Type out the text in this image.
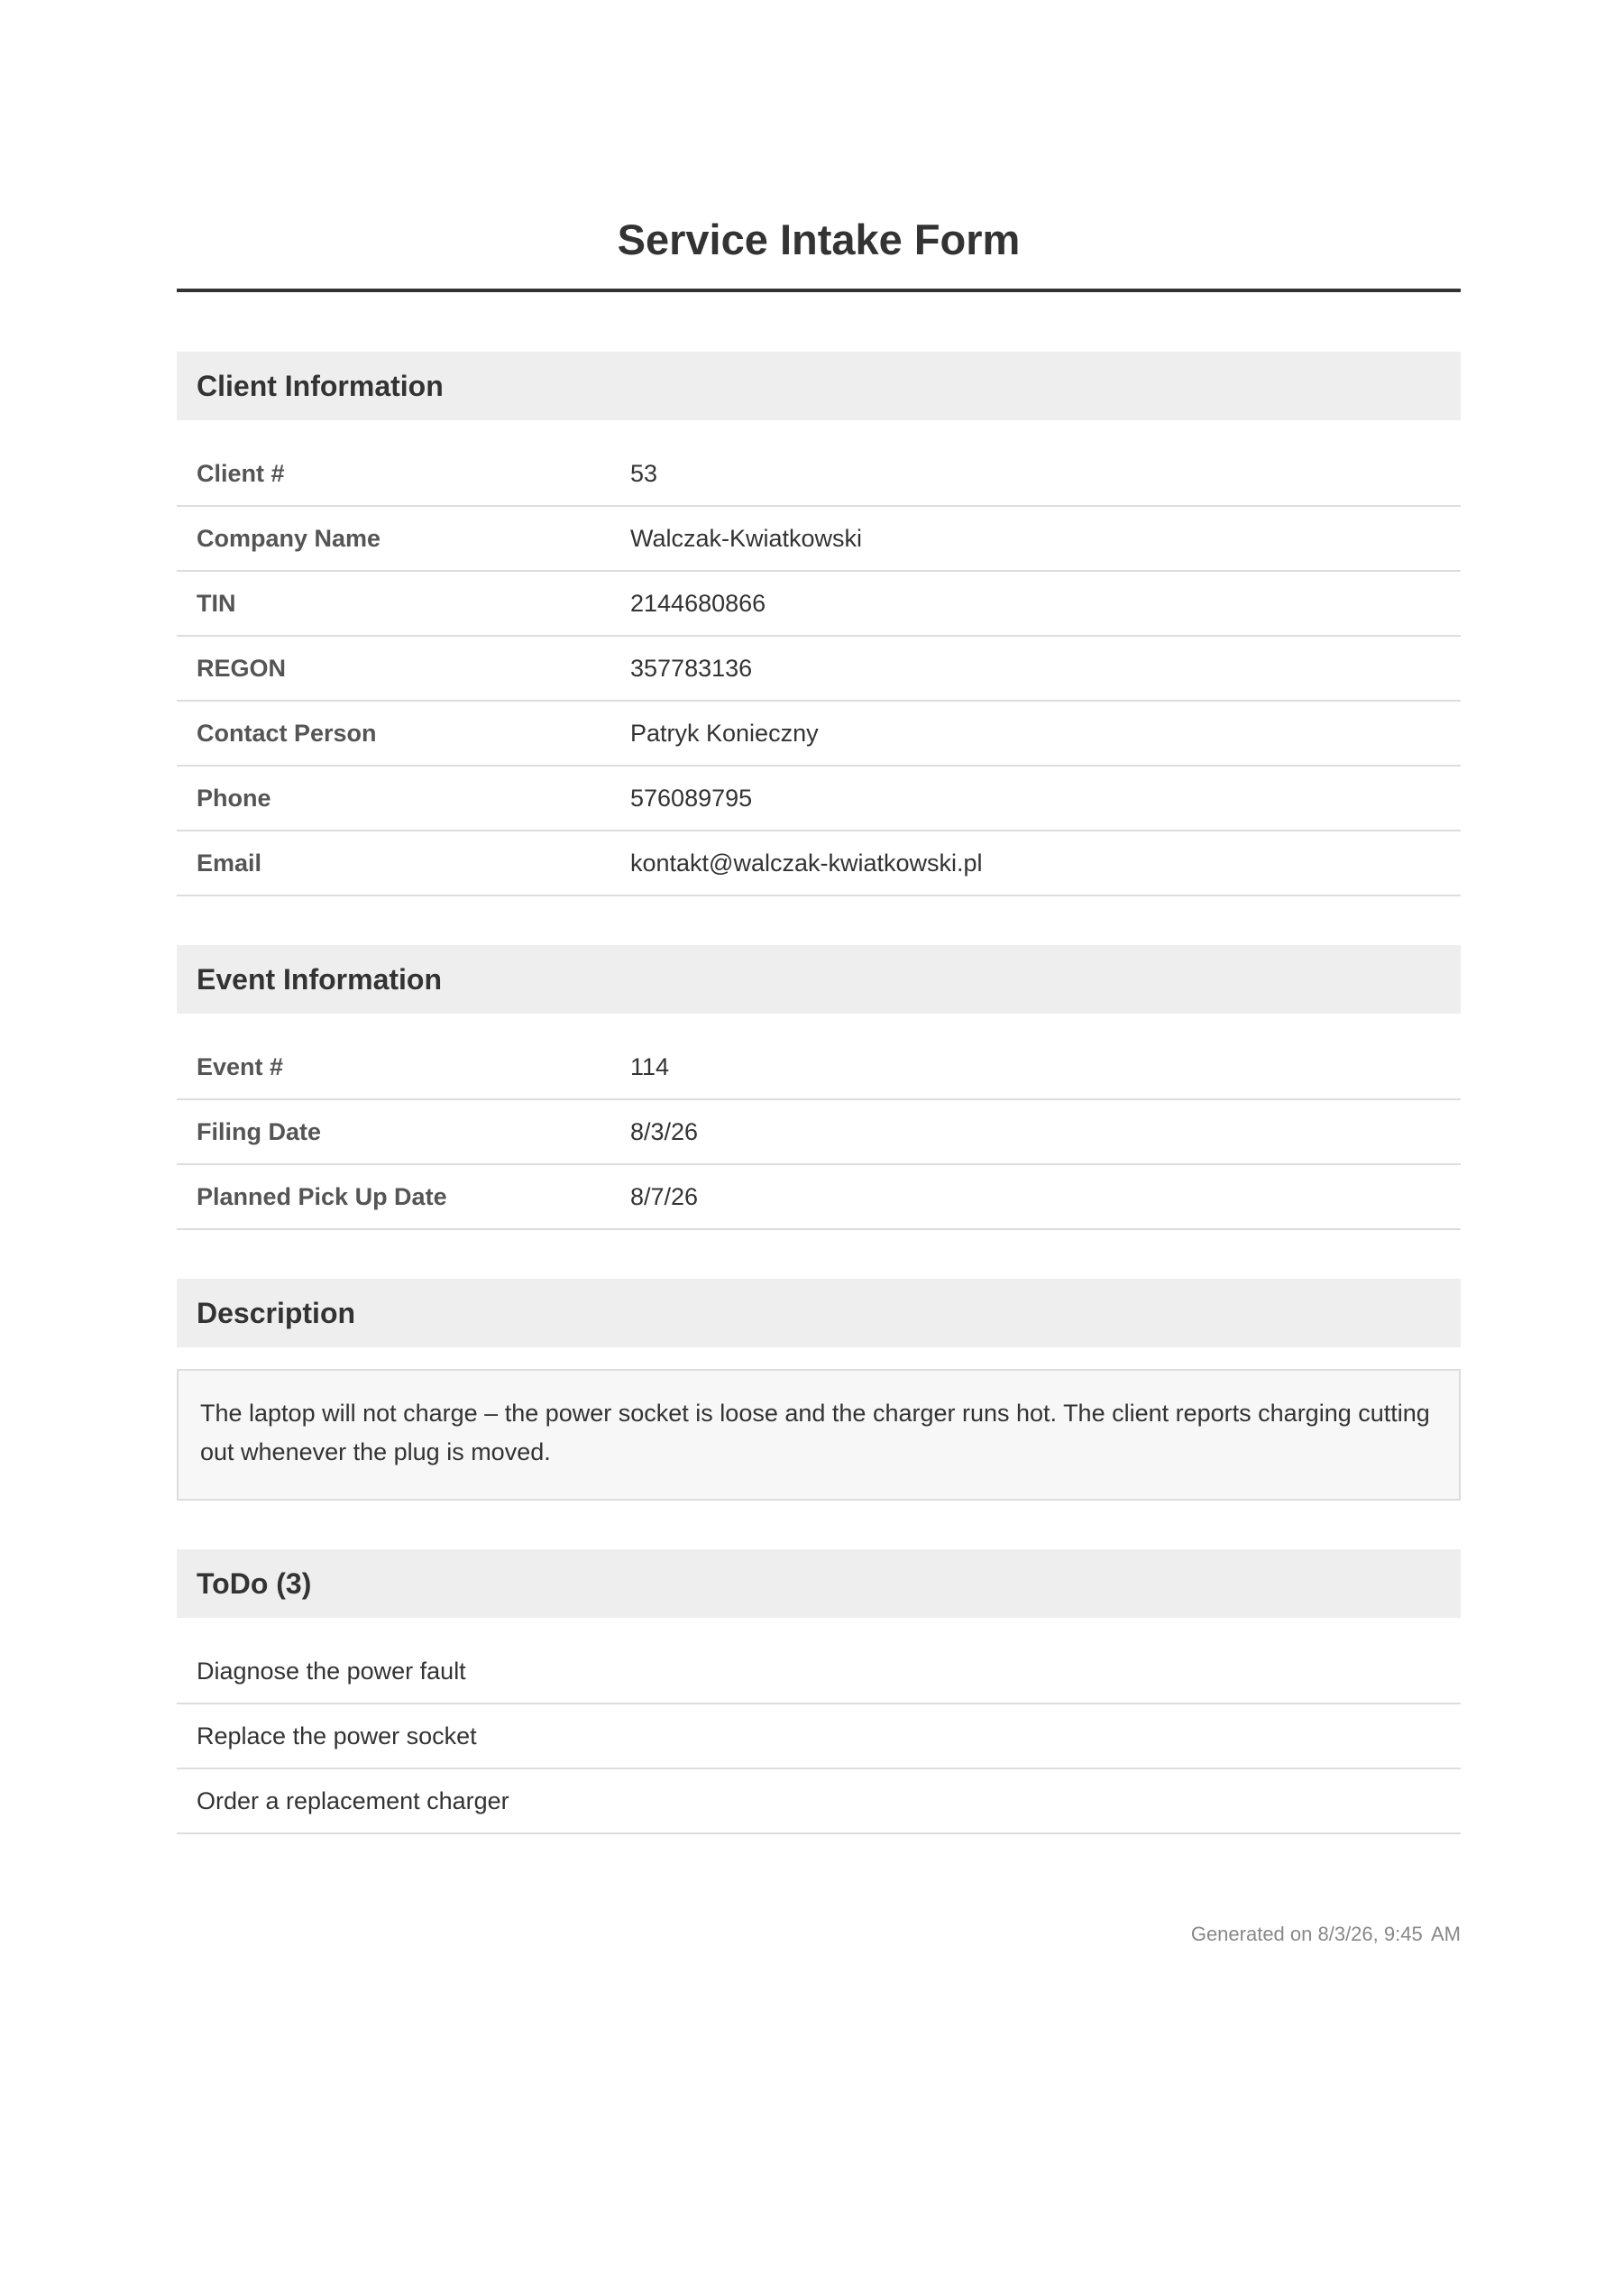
Service Intake Form
Client Information
Client #	53
Company Name	Walczak-Kwiatkowski
TIN	2144680866
REGON	357783136
Contact Person	Patryk Konieczny
Phone	576089795
Email	kontakt@walczak-kwiatkowski.pl
Event Information
Event #	114
Filing Date	8/3/26
Planned Pick Up Date	8/7/26
Description
The laptop will not charge – the power socket is loose and the charger runs hot. The client reports charging cutting out whenever the plug is moved.
ToDo (3)
Diagnose the power fault
Replace the power socket
Order a replacement charger
Generated on 8/3/26, 9:45  AM
